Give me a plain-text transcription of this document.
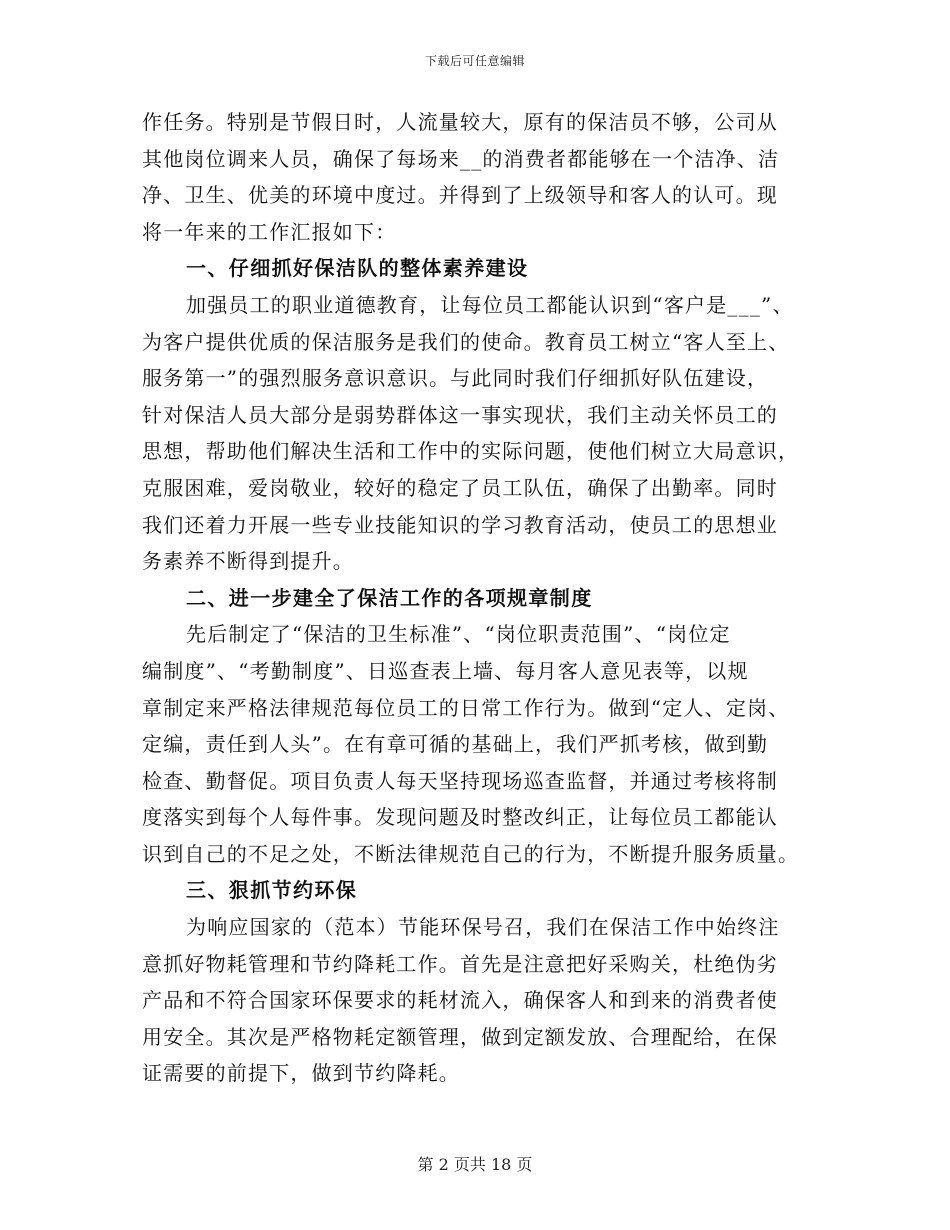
下载后可任意编辑
作任务。特别是节假日时，人流量较大，原有的保洁员不够，公司从
其他岗位调来人员，确保了每场来__的消费者都能够在一个洁净、洁
净、卫生、优美的环境中度过。并得到了上级领导和客人的认可。现
将一年来的工作汇报如下：
一、仔细抓好保洁队的整体素养建设
加强员工的职业道德教育，让每位员工都能认识到“客户是___”、
为客户提供优质的保洁服务是我们的使命。教育员工树立“客人至上、
服务第一”的强烈服务意识意识。与此同时我们仔细抓好队伍建设，
针对保洁人员大部分是弱势群体这一事实现状，我们主动关怀员工的
思想，帮助他们解决生活和工作中的实际问题，使他们树立大局意识，
克服困难，爱岗敬业，较好的稳定了员工队伍，确保了出勤率。同时
我们还着力开展一些专业技能知识的学习教育活动，使员工的思想业
务素养不断得到提升。
二、进一步建全了保洁工作的各项规章制度
先后制定了“保洁的卫生标准”、“岗位职责范围”、“岗位定
编制度”、“考勤制度”、日巡查表上墙、每月客人意见表等，以规
章制定来严格法律规范每位员工的日常工作行为。做到“定人、定岗、
定编，责任到人头”。在有章可循的基础上，我们严抓考核，做到勤
检查、勤督促。项目负责人每天坚持现场巡查监督，并通过考核将制
度落实到每个人每件事。发现问题及时整改纠正，让每位员工都能认
识到自己的不足之处，不断法律规范自己的行为，不断提升服务质量。
三、狠抓节约环保
为响应国家的（范本）节能环保号召，我们在保洁工作中始终注
意抓好物耗管理和节约降耗工作。首先是注意把好采购关，杜绝伪劣
产品和不符合国家环保要求的耗材流入，确保客人和到来的消费者使
用安全。其次是严格物耗定额管理，做到定额发放、合理配给，在保
证需要的前提下，做到节约降耗。
第 2 页共 18 页
